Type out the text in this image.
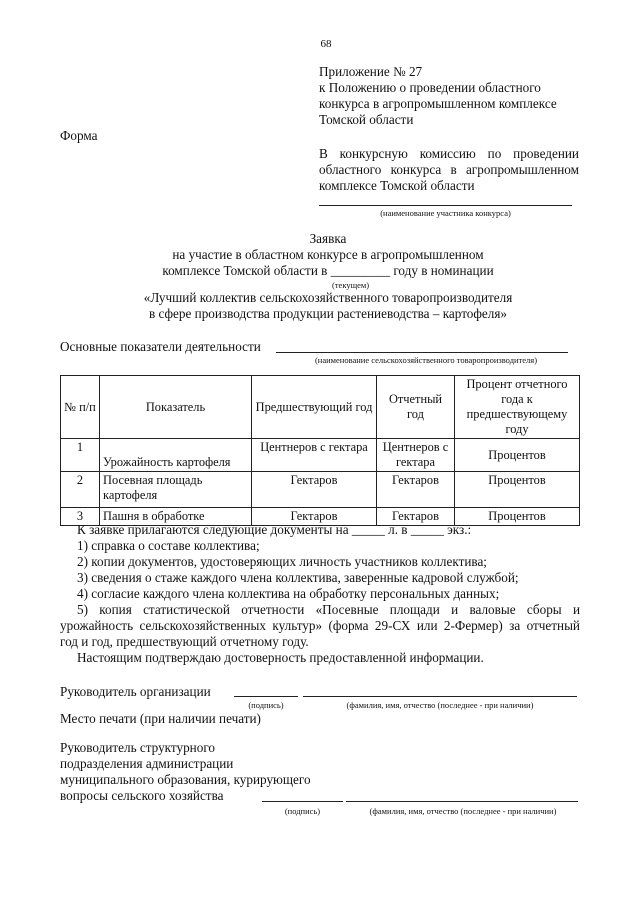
68
Приложение № 27
к Положению о проведении областного
конкурса в агропромышленном комплексе
Томской области
Форма
В конкурсную комиссию по проведении
областного конкурса в агропромышленном
комплексе Томской области
(наименование участника конкурса)
Заявка
на участие в областном конкурсе в агропромышленном
комплексе Томской области в _________ году в номинации
(текущем)
«Лучший коллектив сельскохозяйственного товаропроизводителя
в сфере производства продукции растениеводства – картофеля»
Основные показатели деятельности
(наименование сельскохозяйственного товаропроизводителя)
№ п/п	Показатель	Предшествующий год	Отчетный год	Процент отчетного года к предшествующему году
1	Урожайность картофеля	Центнеров с гектара	Центнеров с гектара	Процентов
2	Посевная площадь картофеля	Гектаров	Гектаров	Процентов
3	Пашня в обработке	Гектаров	Гектаров	Процентов
К заявке прилагаются следующие документы на _____ л. в _____ экз.:
1) справка о составе коллектива;
2) копии документов, удостоверяющих личность участников коллектива;
3) сведения о стаже каждого члена коллектива, заверенные кадровой службой;
4) согласие каждого члена коллектива на обработку персональных данных;
5) копия статистической отчетности «Посевные площади и валовые сборы и
урожайность сельскохозяйственных культур» (форма 29-СХ или 2-Фермер) за отчетный
год и год, предшествующий отчетному году.
Настоящим подтверждаю достоверность предоставленной информации.
Руководитель организации
(подпись)	(фамилия, имя, отчество (последнее - при наличии)
Место печати (при наличии печати)
Руководитель структурного
подразделения администрации
муниципального образования, курирующего
вопросы сельского хозяйства
(подпись)	(фамилия, имя, отчество (последнее - при наличии)
